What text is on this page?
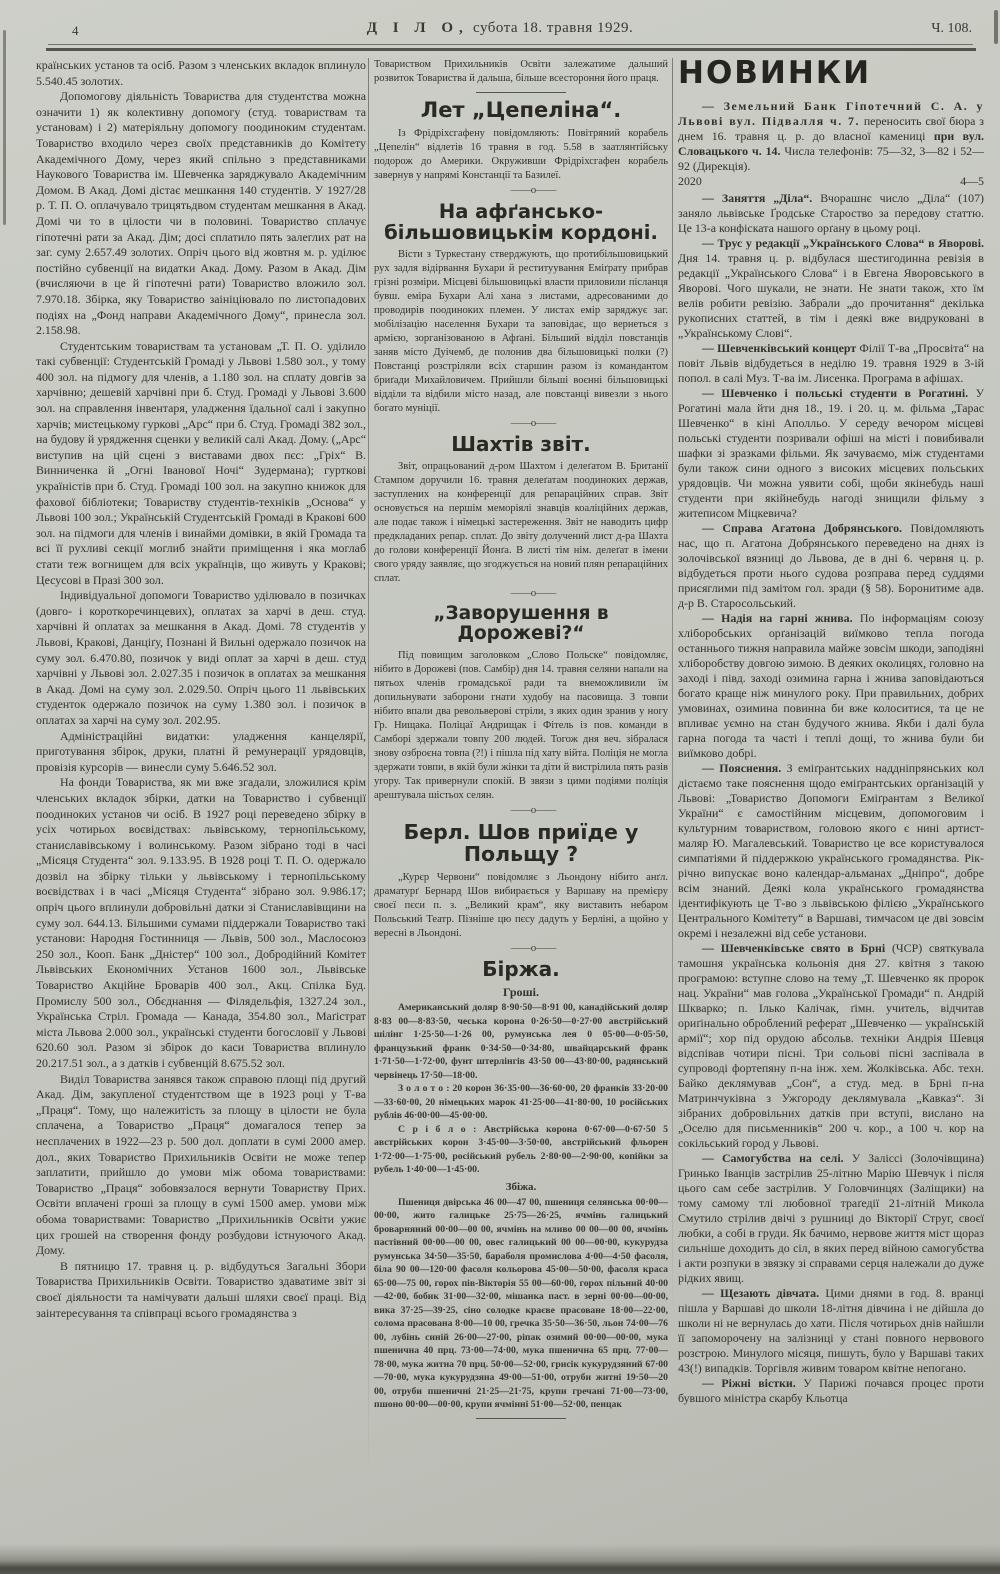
4	Д І Л О, субота 18. травня 1929.	Ч. 108.

країнських установ та осіб. Разом з членських вкладок вплинуло 5.540.45 золотих.

Допомогову діяльність Товариства для студентства можна означити 1) як колективну допомогу (студ. товариствам та установам) і 2) матеріяльну допомогу поодиноким студентам. Товариство входило через своїх представників до Комітету Академічного Дому, через який спільно з представниками Наукового Товариства ім. Шевченка заряджувало Академічним Домом. В Акад. Домі дістає мешкання 140 студентів. У 1927/28 р. Т. П. О. оплачувало трицятьдвом студентам мешкання в Акад. Домі чи то в цілости чи в половині. Товариство сплачує гіпотечні рати за Акад. Дім; досі сплатило пять залеглих рат на заг. суму 2.657.49 золотих. Опріч цього від жовтня м. р. уділює постійно субвенції на видатки Акад. Дому. Разом в Акад. Дім (вчисляючи в це й гіпотечні рати) Товариство вложило зол. 7.970.18. Збірка, яку Товариство заініціювало по листопадових подіях на „Фонд направи Академічного Дому“, принесла зол. 2.158.98.

Студентським товариствам та установам „Т. П. О. уділило такі субвенції: Студентській Громаді у Львові 1.580 зол., у тому 400 зол. на підмогу для членів, а 1.180 зол. на сплату довгів за харчівню; дешевій харчівні при б. Студ. Громаді у Львові 3.600 зол. на справлення інвентаря, уладження їдальної салі і закупно харчів; мистецькому гуркові „Арс“ при б. Студ. Громаді 382 зол., на будову й урядження сценки у великій салі Акад. Дому. („Арс“ виступив на цій сцені з виставами двох пєс: „Гріх“ В. Винниченка й „Огні Іванової Ночі“ Зудермана); гурткові україністів при б. Студ. Громаді 100 зол. на закупно книжок для фахової бібліотеки; Товариству студентів-техніків „Основа“ у Львові 100 зол.; Українській Студентській Громаді в Кракові 600 зол. на підмоги для членів і винайми домівки, в якій Громада та всі її рухливі секції моглиб знайти приміщення і яка моглаб стати теж вогнищем для всіх українців, що живуть у Кракові; Цесусові в Празі 300 зол.

Індивідуальної допомоги Товариство уділювало в позичках (довго- і короткоречинцевих), оплатах за харчі в деш. студ. харчівні й оплатах за мешкання в Акад. Домі. 78 студентів у Львові, Кракові, Данціґу, Познані й Вильні одержало позичок на суму зол. 6.470.80, позичок у виді оплат за харчі в деш. студ харчівні у Львові зол. 2.027.35 і позичок в оплатах за мешкання в Акад. Домі на суму зол. 2.029.50. Опріч цього 11 львівських студенток одержало позичок на суму 1.380 зол. і позичок в оплатах за харчі на суму зол. 202.95.

Адміністраційні видатки: уладження канцелярії, приготування збірок, друки, платні й ремунерації урядовців, провізія курсорів — винесли суму 5.646.52 зол.

На фонди Товариства, як ми вже згадали, зложилися крім членських вкладок збірки, датки на Товариство і субвенції поодиноких установ чи осіб. В 1927 році переведено збірку в усіх чотирьох воєвідствах: львівському, тернопільському, станиславівському і волинському. Разом зібрано тоді в часі „Місяця Студента“ зол. 9.133.95. В 1928 році Т. П. О. одержало дозвіл на збірку тільки у львівському і тернопільському воєвідствах і в часі „Місяця Студента“ зібрано зол. 9.986.17; опріч цього вплинули добровільні датки зі Станиславівщини на суму зол. 644.13. Більшими сумами піддержали Товариство такі установи: Народня Гостинниця — Львів, 500 зол., Маслосоюз 250 зол., Кооп. Банк „Дністер“ 100 зол., Добродійний Комітет Львівських Економічних Установ 1600 зол., Львівське Товариство Акційне Броварів 400 зол., Акц. Спілка Буд. Промислу 500 зол., Обєднання — Філядельфія, 1327.24 зол., Українська Стріл. Громада — Канада, 354.80 зол., Маґістрат міста Львова 2.000 зол., українські студенти богословії у Львові 620.60 зол. Разом зі збірок до каси Товариства вплинуло 20.217.51 зол., а з датків і субвенцій 8.675.52 зол.

Виділ Товариства занявся також справою площі під другий Акад. Дім, закупленої студентством ще в 1923 році у Т-ва „Праця“. Тому, що належитість за площу в цілости не була сплачена, а Товариство „Праця“ домагалося тепер за несплачених в 1922—23 р. 500 дол. доплати в сумі 2000 амер. дол., яких Товариство Прихильників Освіти не може тепер заплатити, прийшло до умови між обома товариствами: Товариство „Праця“ зобовязалося вернути Товариству Прих. Освіти вплачені гроші за площу в сумі 1500 амер. умови між обома товариствами: Товариство „Прихильників Освіти ужиє цих грошей на створення фонду розбудови істнуючого Акад. Дому.

В пятницю 17. травня ц. р. відбудуться Загальні Збори Товариства Прихильників Освіти. Товариство здаватиме звіт зі своєї діяльности та намічувати дальші шляхи своєї праці. Від заінтересування та співпраці всього громадянства з

Товариством Прихильників Освіти залежатиме дальший розвиток Товариства й дальша, більше всестороння його праця.

Лет „Цепеліна“.

Із Фрідріхсгафену повідомляють: Повітряний корабель „Цепелін“ відлетів 16 травня в год. 5.58 в заатлянтійську подорож до Америки. Окруживши Фрідріхсгафен корабель завернув у напрямі Констанції та Базилеї.

——о——

На афґансько-більшовицькім кордоні.

Вісти з Туркестану стверджують, що протибільшовицький рух задля відірвання Бухари й реституування Еміґрату прибрав грізні розміри. Місцеві більшовицькі власти приловили післанця бувш. еміра Бухари Алі хана з листами, адресованими до проводирів поодиноких племен. У листах емір заряджує заг. мобілізацію населення Бухари та заповідає, що вернеться з армією, зорганізованою в Афґані. Більший відділ повстанців заняв місто Дуічемб, де полонив два більшовицькі полки (?) Повстанці розстріляли всіх старшин разом із командантом бриґади Михайловичем. Прийшли більші воєнні більшовицькі відділи та відбили місто назад, але повстанці вивезли з нього богато муніції.

——о——

Шахтів звіт.

Звіт, опрацьований д-ром Шахтом і делеґатом В. Британії Стампом доручили 16. травня делеґатам поодиноких держав, заступлених на конференції для репараційних справ. Звіт основується на першім меморіялі знавців коаліційних держав, але подає також і німецькі застереження. Звіт не наводить цифр предкладаних репар. сплат. До звіту долучений лист д-ра Шахта до голови конференції Йонґа. В листі тім нім. делеґат в імени свого уряду заявляє, що згоджується на новий плян репараційних сплат.

——о——

„Заворушення в Дорожеві?“

Під повищим заголовком „Слово Польске“ повідомляє, нібито в Дорожеві (пов. Самбір) дня 14. травня селяни напали на пятьох членів громадської ради та внеможливили їм допильнувати заборони гнати худобу на пасовища. З товпи нібито впали два револьверові стріли, з яких один зранив у ногу Гр. Нищака. Поліцаї Андрищак і Фітель із пов. команди в Самборі здержали товпу 200 людей. Тогож дня веч. зібралася знову озброєна товпа (?!) і пішла під хату війта. Поліція не могла здержати товпи, в якій були жінки та діти й вистрілила пять разів угору. Так привернули спокій. В звязи з цими подіями поліція арештувала шістьох селян.

——о——

Берл. Шов приїде у Польщу ?

„Курєр Червони“ повідомляє з Льондону нібито анґл. драматурґ Бернард Шов вибирається у Варшаву на премієру своєї пєси п. з. „Великий крам“, яку виставить небаром Польський Театр. Пізніше цю пєсу дадуть у Берліні, а щойно у вересні в Льондоні.

——о——

Біржа.
Гроші.

Американський доляр 8·90·50—8·91 00, канадійський доляр 8·83 00—8·83·50, чеська корона 0·26·50—0·27·00 австрійський шілінг 1·25·50—1·26 00, румунська лея 0 05·00—0·05·50, французький франк 0·34·50—0·34·80, швайцарський франк 1·71·50—1·72·00, фунт штерлінгів 43·50 00—43·80·00, радянський червінець 17·50—18·00.

З о л о т о : 20 корон 36·35·00—36·60·00, 20 франків 33·20·00—33·60·00, 20 німецьких марок 41·25·00—41·80·00, 10 російських рублів 46·00·00—45·00·00.

С р і б л о : Австрійська корона 0·67·00—0·67·50 5 австрійських корон 3·45·00—3·50·00, австрійський фльорен 1·72·00—1·75·00, російський рубель 2·80·00—2·90·00, копійки за рубель 1·40·00—1·45·00.

Збіжа.

Пшениця двірська 46 00—47 00, пшениця селянська 00·00—00·00, жито галицьке 25·75—26·25, ячмінь галицький броварняний 00·00—00 00, ячмінь на мливо 00 00—00 00, ячмінь пастівний 00·00—00 00, овес галицький 00 00—00·00, кукурудза румунська 34·50—35·50, бараболя промислова 4·00—4·50 фасоля, біла 90 00—120·00 фасоля кольорова 45·00—50·00, фасоля краса 65·00—75 00, горох пів-Вікторія 55 00—60·00, горох пільний 40·00—42·00, бобик 31·00—32·00, мішанка паст. в зерні 00·00—00·00, вика 37·25—39·25, сіно солодке краєве прасоване 18·00—22·00, солома прасована 8·00—10 00, гречка 35·50—36·50, льон 74·00—76 00, лубінь синій 26·00—27·00, ріпак озимий 00·00—00·00, мука пшенична 40 прц. 73·00—74·00, мука пшенична 65 прц. 77·00—78·00, мука житна 70 прц. 50·00—52·00, грисік кукурудзяний 67·00—70·00, мука кукурудзяна 49·00—51·00, отруби житні 19·50—20 00, отруби пшеничні 21·25—21·75, крупи гречані 71·00—73·00, пшоно 00·00—00·00, крупи ячмінні 51·00—52·00, пенцак

НОВИНКИ

— Земельний Банк Гіпотечний С. А. у Львові вул. Підвалля ч. 7. переносить свої бюра з днем 16. травня ц. р. до власної камениці при вул. Словацького ч. 14. Числа телефонів: 75—32, 3—82 і 52—92 (Дирекція).

2020	4—5

— Заняття „Діла“. Вчорашнє число „Діла“ (107) заняло львівське Ґродське Староство за передову статтю. Це 13-а конфіската нашого орґану в цьому році.

— Трус у редакції „Українського Слова“ в Яворові. Дня 14. травня ц. р. відбулася шестигодинна ревізія в редакції „Українського Слова“ і в Евгена Яворовського в Яворові. Чого шукали, не знати. Не знати також, хто їм велів робити ревізію. Забрали „до прочитання“ декілька рукописних статтей, в тім і деякі вже видруковані в „Українському Слові“.

— Шевченківський концерт Філії Т-ва „Просвіта“ на повіт Львів відбудеться в неділю 19. травня 1929 в 3-ій попол. в салі Муз. Т-ва ім. Лисенка. Програма в афішах.

— Шевченко і польські студенти в Рогатині. У Рогатині мала йти дня 18., 19. і 20. ц. м. фільма „Тарас Шевченко“ в кіні Аполльо. У середу вечором місцеві польські студенти позривали офіші на місті і повибивали шафки зі зразками фільми. Як зачуваємо, між студентами були також сини одного з високих місцевих польських урядовців. Чи можна уявити собі, щоби якінебудь наші студенти при якійнебудь нагоді знищили фільму з житеписом Міцкевича?

— Справа Агатона Добрянського. Повідомляють нас, що п. Агатона Добрянського переведено на днях із золочівської вязниці до Львова, де в дні 6. червня ц. р. відбудеться проти нього судова розправа перед суддями присяглими під замітом гол. зради (§ 58). Боронитиме адв. д-р В. Старосольський.

— Надія на гарні жнива. По інформаціям союзу хліборобських орґанізацій виїмково тепла погода останнього тижня направила майже зовсім шкоди, заподіяні хліборобству довгою зимою. В деяких околицях, головно на заході і півд. заході озимина гарна і жнива заповідаються богато краще ніж минулого року. При правильних, добрих умовинах, озимина повинна би вже колоситися, та це не впливає уємно на стан будучого жнива. Якби і далі була гарна погода та часті і теплі дощі, то жнива були би виїмково добрі.

— Пояснення. З еміґрантських наддніпрянських кол дістаємо таке пояснення щодо еміґрантських орґанізацій у Львові: „Товариство Допомоги Еміґрантам з Великої України“ є самостійним місцевим, допомоговим і культурним товариством, головою якого є нині артист-маляр Ю. Магалевський. Товариство це все користувалося симпатіями й піддержкою українського громадянства. Рік-річно випускає воно календар-альманах „Дніпро“, добре всім знаний. Деякі кола українського громадянства ідентифікують це Т-во з львівською філією „Українського Центрального Комітету“ в Варшаві, тимчасом це дві зовсім окремі і незалежні від себе установи.

— Шевченківське свято в Брні (ЧСР) святкувала тамошня українська кольонія дня 27. квітня з такою програмою: вступне слово на тему „Т. Шевченко як пророк нац. України“ мав голова „Української Громади“ п. Андрій Шкварко; п. Ілько Калічак, ґімн. учитель, відчитав ориґінально оброблений реферат „Шевченко — українській армії“; хор під орудою абсольв. техніки Андрія Шевця відспівав чотири пісні. Три сольові пісні заспівала в супроводі фортепяну п-на інж. хем. Жолківська. Абс. техн. Байко деклямував „Сон“, а студ. мед. в Брні п-на Матринчуківна з Ужгороду деклямувала „Кавказ“. Зі зібраних добровільних датків при вступі, вислано на „Оселю для письменників“ 200 ч. кор., а 100 ч. кор на сокільський город у Львові.

— Самогубства на селі. У Заліссі (Золочівщина) Гринько Іванців застрілив 25-літню Марію Шевчук і після цього сам себе застрілив. У Головчинцях (Заліщики) на тому самому тлі любовної траґедії 21-літній Микола Смутило стрілив двічі з рушниці до Вікторії Струг, своєї любки, а собі в груди. Як бачимо, нервове життя міст щораз сильніше доходить до сіл, в яких перед війною самогубства і акти розпуки в звязку зі справами серця належали до дуже рідких явищ.

— Щезають дівчата. Цими днями в год. 8. вранці пішла у Варшаві до школи 18-літня дівчина і не дійшла до школи ні не вернулась до хати. Після чотирьох днів найшли її запоморочену на залізниці у стані повного нервового розстрою. Минулого місяця, пишуть, було у Варшаві таких 43(!) випадків. Торгівля живим товаром квітне непогано.

— Ріжні вістки. У Парижі почався процес проти бувшого міністра скарбу Кльотца
